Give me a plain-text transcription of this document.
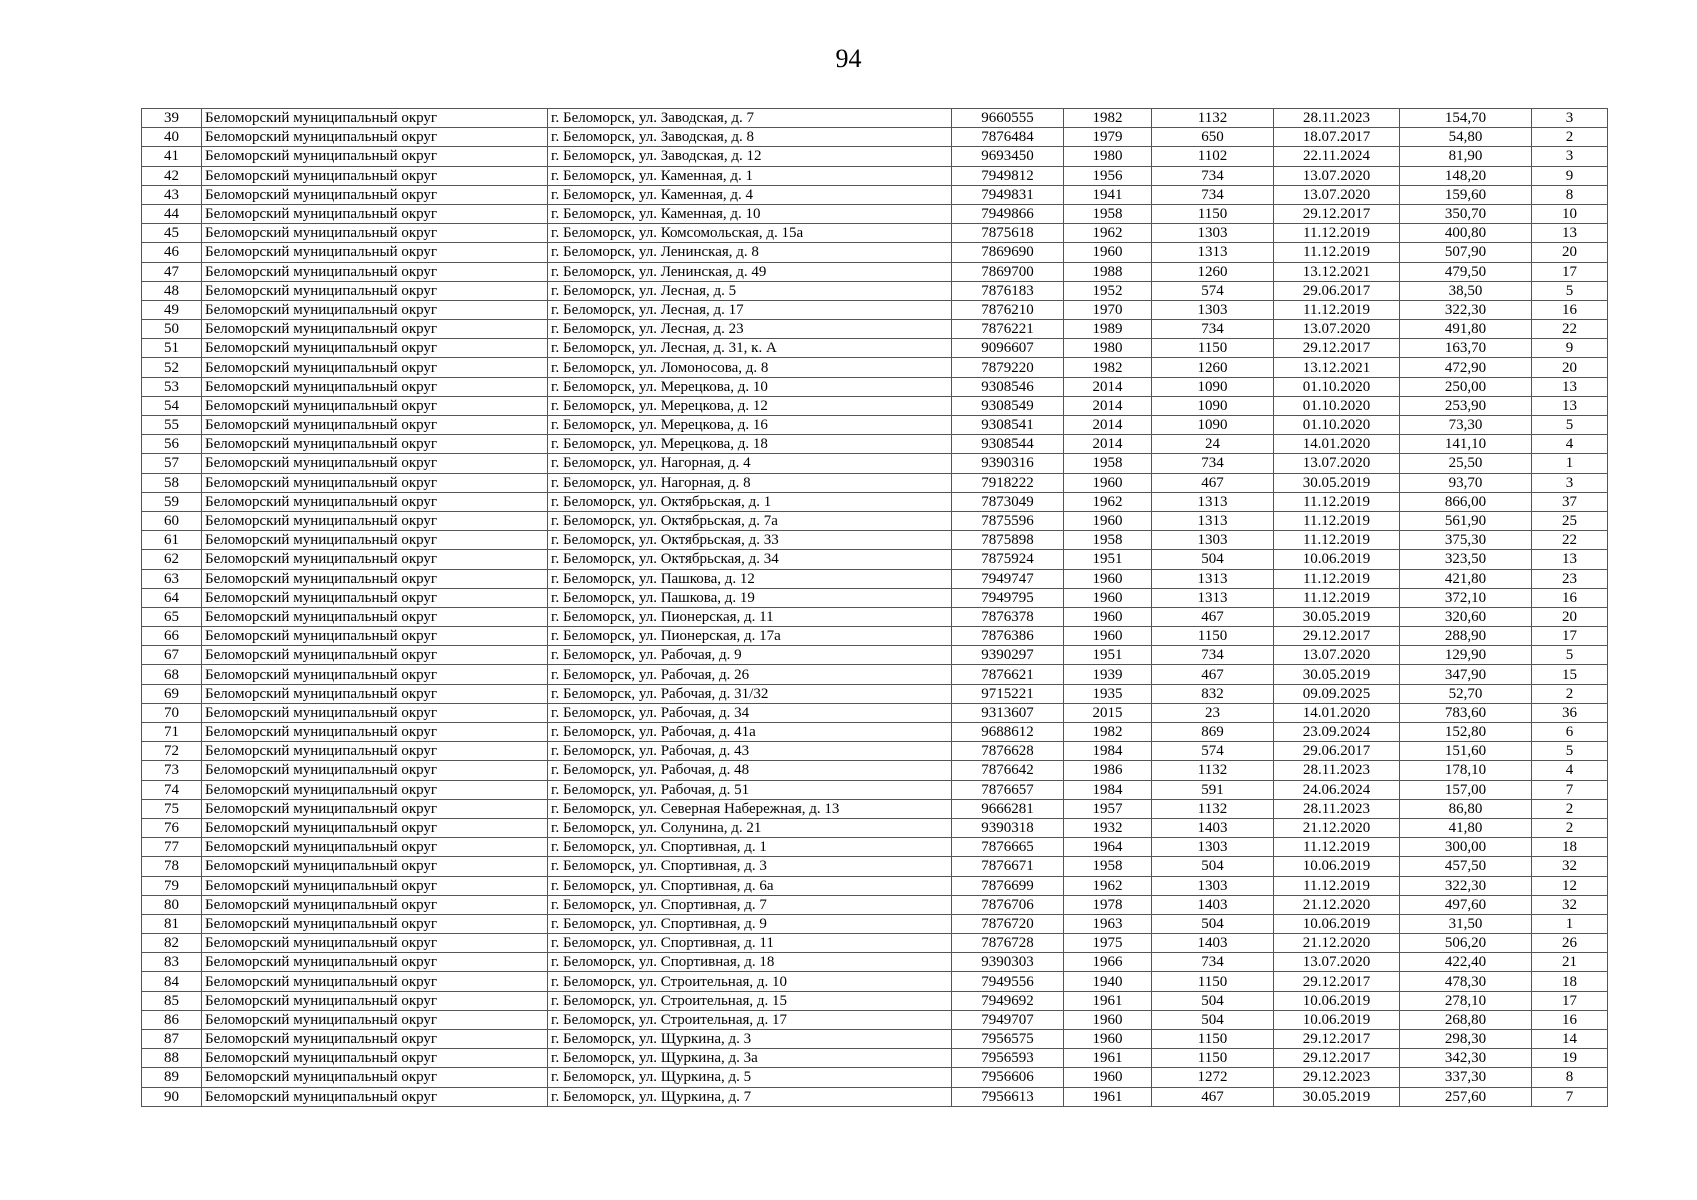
94
39	Беломорский муниципальный округ	г. Беломорск, ул. Заводская, д. 7	9660555	1982	1132	28.11.2023	154,70	3
40	Беломорский муниципальный округ	г. Беломорск, ул. Заводская, д. 8	7876484	1979	650	18.07.2017	54,80	2
41	Беломорский муниципальный округ	г. Беломорск, ул. Заводская, д. 12	9693450	1980	1102	22.11.2024	81,90	3
42	Беломорский муниципальный округ	г. Беломорск, ул. Каменная, д. 1	7949812	1956	734	13.07.2020	148,20	9
43	Беломорский муниципальный округ	г. Беломорск, ул. Каменная, д. 4	7949831	1941	734	13.07.2020	159,60	8
44	Беломорский муниципальный округ	г. Беломорск, ул. Каменная, д. 10	7949866	1958	1150	29.12.2017	350,70	10
45	Беломорский муниципальный округ	г. Беломорск, ул. Комсомольская, д. 15а	7875618	1962	1303	11.12.2019	400,80	13
46	Беломорский муниципальный округ	г. Беломорск, ул. Ленинская, д. 8	7869690	1960	1313	11.12.2019	507,90	20
47	Беломорский муниципальный округ	г. Беломорск, ул. Ленинская, д. 49	7869700	1988	1260	13.12.2021	479,50	17
48	Беломорский муниципальный округ	г. Беломорск, ул. Лесная, д. 5	7876183	1952	574	29.06.2017	38,50	5
49	Беломорский муниципальный округ	г. Беломорск, ул. Лесная, д. 17	7876210	1970	1303	11.12.2019	322,30	16
50	Беломорский муниципальный округ	г. Беломорск, ул. Лесная, д. 23	7876221	1989	734	13.07.2020	491,80	22
51	Беломорский муниципальный округ	г. Беломорск, ул. Лесная, д. 31, к. А	9096607	1980	1150	29.12.2017	163,70	9
52	Беломорский муниципальный округ	г. Беломорск, ул. Ломоносова, д. 8	7879220	1982	1260	13.12.2021	472,90	20
53	Беломорский муниципальный округ	г. Беломорск, ул. Мерецкова, д. 10	9308546	2014	1090	01.10.2020	250,00	13
54	Беломорский муниципальный округ	г. Беломорск, ул. Мерецкова, д. 12	9308549	2014	1090	01.10.2020	253,90	13
55	Беломорский муниципальный округ	г. Беломорск, ул. Мерецкова, д. 16	9308541	2014	1090	01.10.2020	73,30	5
56	Беломорский муниципальный округ	г. Беломорск, ул. Мерецкова, д. 18	9308544	2014	24	14.01.2020	141,10	4
57	Беломорский муниципальный округ	г. Беломорск, ул. Нагорная, д. 4	9390316	1958	734	13.07.2020	25,50	1
58	Беломорский муниципальный округ	г. Беломорск, ул. Нагорная, д. 8	7918222	1960	467	30.05.2019	93,70	3
59	Беломорский муниципальный округ	г. Беломорск, ул. Октябрьская, д. 1	7873049	1962	1313	11.12.2019	866,00	37
60	Беломорский муниципальный округ	г. Беломорск, ул. Октябрьская, д. 7а	7875596	1960	1313	11.12.2019	561,90	25
61	Беломорский муниципальный округ	г. Беломорск, ул. Октябрьская, д. 33	7875898	1958	1303	11.12.2019	375,30	22
62	Беломорский муниципальный округ	г. Беломорск, ул. Октябрьская, д. 34	7875924	1951	504	10.06.2019	323,50	13
63	Беломорский муниципальный округ	г. Беломорск, ул. Пашкова, д. 12	7949747	1960	1313	11.12.2019	421,80	23
64	Беломорский муниципальный округ	г. Беломорск, ул. Пашкова, д. 19	7949795	1960	1313	11.12.2019	372,10	16
65	Беломорский муниципальный округ	г. Беломорск, ул. Пионерская, д. 11	7876378	1960	467	30.05.2019	320,60	20
66	Беломорский муниципальный округ	г. Беломорск, ул. Пионерская, д. 17а	7876386	1960	1150	29.12.2017	288,90	17
67	Беломорский муниципальный округ	г. Беломорск, ул. Рабочая, д. 9	9390297	1951	734	13.07.2020	129,90	5
68	Беломорский муниципальный округ	г. Беломорск, ул. Рабочая, д. 26	7876621	1939	467	30.05.2019	347,90	15
69	Беломорский муниципальный округ	г. Беломорск, ул. Рабочая, д. 31/32	9715221	1935	832	09.09.2025	52,70	2
70	Беломорский муниципальный округ	г. Беломорск, ул. Рабочая, д. 34	9313607	2015	23	14.01.2020	783,60	36
71	Беломорский муниципальный округ	г. Беломорск, ул. Рабочая, д. 41а	9688612	1982	869	23.09.2024	152,80	6
72	Беломорский муниципальный округ	г. Беломорск, ул. Рабочая, д. 43	7876628	1984	574	29.06.2017	151,60	5
73	Беломорский муниципальный округ	г. Беломорск, ул. Рабочая, д. 48	7876642	1986	1132	28.11.2023	178,10	4
74	Беломорский муниципальный округ	г. Беломорск, ул. Рабочая, д. 51	7876657	1984	591	24.06.2024	157,00	7
75	Беломорский муниципальный округ	г. Беломорск, ул. Северная Набережная, д. 13	9666281	1957	1132	28.11.2023	86,80	2
76	Беломорский муниципальный округ	г. Беломорск, ул. Солунина, д. 21	9390318	1932	1403	21.12.2020	41,80	2
77	Беломорский муниципальный округ	г. Беломорск, ул. Спортивная, д. 1	7876665	1964	1303	11.12.2019	300,00	18
78	Беломорский муниципальный округ	г. Беломорск, ул. Спортивная, д. 3	7876671	1958	504	10.06.2019	457,50	32
79	Беломорский муниципальный округ	г. Беломорск, ул. Спортивная, д. 6а	7876699	1962	1303	11.12.2019	322,30	12
80	Беломорский муниципальный округ	г. Беломорск, ул. Спортивная, д. 7	7876706	1978	1403	21.12.2020	497,60	32
81	Беломорский муниципальный округ	г. Беломорск, ул. Спортивная, д. 9	7876720	1963	504	10.06.2019	31,50	1
82	Беломорский муниципальный округ	г. Беломорск, ул. Спортивная, д. 11	7876728	1975	1403	21.12.2020	506,20	26
83	Беломорский муниципальный округ	г. Беломорск, ул. Спортивная, д. 18	9390303	1966	734	13.07.2020	422,40	21
84	Беломорский муниципальный округ	г. Беломорск, ул. Строительная, д. 10	7949556	1940	1150	29.12.2017	478,30	18
85	Беломорский муниципальный округ	г. Беломорск, ул. Строительная, д. 15	7949692	1961	504	10.06.2019	278,10	17
86	Беломорский муниципальный округ	г. Беломорск, ул. Строительная, д. 17	7949707	1960	504	10.06.2019	268,80	16
87	Беломорский муниципальный округ	г. Беломорск, ул. Щуркина, д. 3	7956575	1960	1150	29.12.2017	298,30	14
88	Беломорский муниципальный округ	г. Беломорск, ул. Щуркина, д. 3а	7956593	1961	1150	29.12.2017	342,30	19
89	Беломорский муниципальный округ	г. Беломорск, ул. Щуркина, д. 5	7956606	1960	1272	29.12.2023	337,30	8
90	Беломорский муниципальный округ	г. Беломорск, ул. Щуркина, д. 7	7956613	1961	467	30.05.2019	257,60	7
